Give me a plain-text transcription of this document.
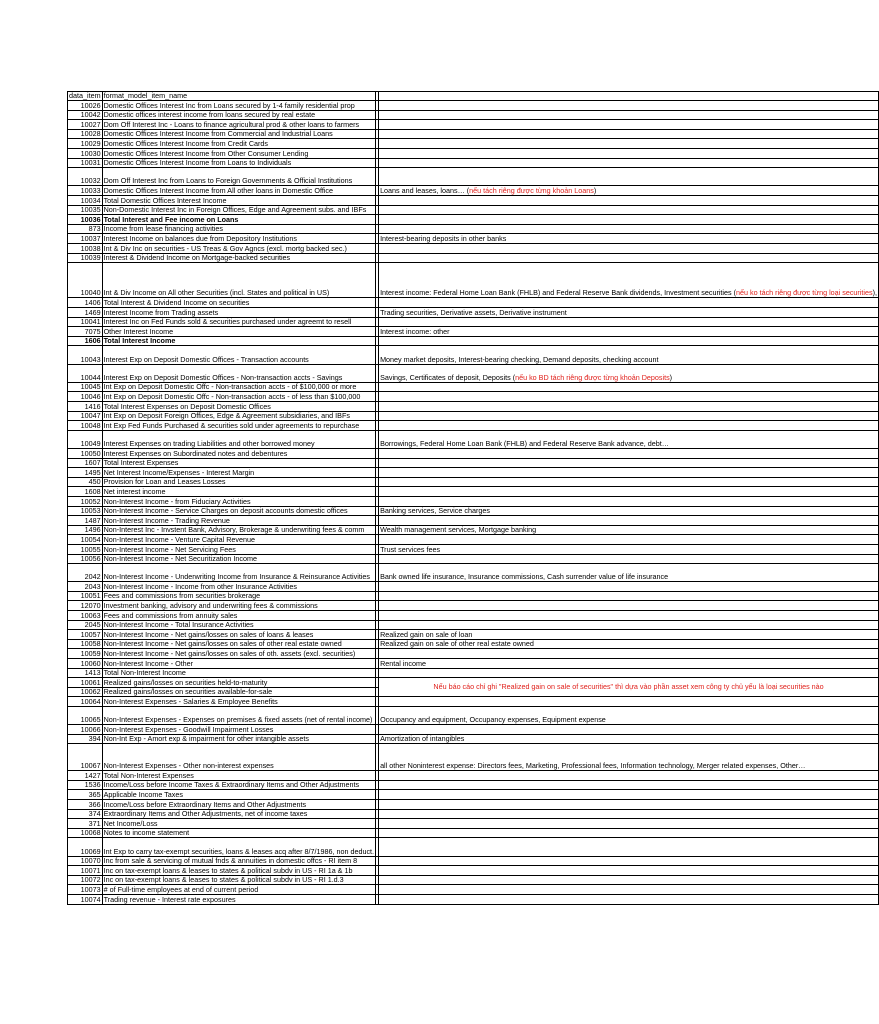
data_item	format_model_item_name		
10026	Domestic Offices Interest Inc from Loans secured by 1-4 family residential prop		
10042	Domestic offices interest income from loans secured by real estate		
10027	Dom Off Interest Inc - Loans to finance agricultural prod & other loans to farmers		
10028	Domestic Offices Interest Income from Commercial and Industrial Loans		
10029	Domestic Offices Interest Income from Credit Cards		
10030	Domestic Offices Interest Income from Other Consumer Lending		
10031	Domestic Offices Interest Income from Loans to Individuals		
10032	Dom Off Interest Inc from Loans to Foreign Governments & Official Institutions		
10033	Domestic Offices Interest Income from All other loans in Domestic Office		Loans and leases, loans… (nếu tách riêng được từng khoản Loans)
10034	Total Domestic Offices Interest Income		
10035	Non-Domestic Interest Inc in Foreign Offices, Edge and Agreement subs. and IBFs		
10036	Total Interest and Fee income on Loans		
873	Income from lease financing activities		
10037	Interest Income on balances due from Depository Institutions		Interest-bearing deposits in other banks
10038	Int & Div Inc on securities - US Treas & Gov Agncs (excl. mortg backed sec.)		
10039	Interest & Dividend Income on Mortgage-backed securities		
10040	Int & Div Income on All other Securities (incl. States and political in US)		Interest income: Federal Home Loan Bank (FHLB) and Federal Reserve Bank dividends, Investment securities (nếu ko tách riêng được từng loại securities),
1406	Total Interest & Dividend Income on securities		
1469	Interest Income from Trading assets		Trading securities, Derivative assets, Derivative instrument
10041	Interest Inc on Fed Funds sold & securities purchased under agreemt to resell		
7075	Other Interest Income		Interest income: other
1606	Total Interest Income		
10043	Interest Exp on Deposit Domestic Offices - Transaction accounts		Money market deposits, Interest-bearing checking, Demand deposits, checking account
10044	Interest Exp on Deposit Domestic Offices - Non-transaction accts - Savings		Savings, Certificates of deposit, Deposits (nếu ko BD tách riêng được từng khoản Deposits)
10045	Int Exp on Deposit Domestic Offc - Non-transaction accts - of $100,000 or more		
10046	Int Exp on Deposit Domestic Offc - Non-transaction accts - of less than $100,000		
1416	Total Interest Expenses on Deposit Domestic Offices		
10047	Int Exp on Deposit Foreign Offices, Edge & Agreement subsidiaries, and IBFs		
10048	Int Exp Fed Funds Purchased & securities sold under agreements to repurchase		
10049	Interest Expenses on trading Liabilities and other borrowed money		Borrowings, Federal Home Loan Bank (FHLB) and Federal Reserve Bank advance, debt…
10050	Interest Expenses on Subordinated notes and debentures		
1607	Total Interest Expenses		
1495	Net Interest Income/Expenses - Interest Margin		
450	Provision for Loan and Leases Losses		
1608	Net interest income		
10052	Non-Interest Income - from Fiduciary Activities		
10053	Non-Interest Income - Service Charges on deposit accounts domestic offices		Banking services, Service charges
1487	Non-Interest Income - Trading Revenue		
1496	Non-Interest Inc - Invstent Bank, Advisory, Brokerage & underwriting fees & comm		Wealth management services, Mortgage banking
10054	Non-Interest Income - Venture Capital Revenue		
10055	Non-Interest Income - Net Servicing Fees		Trust services fees
10056	Non-Interest Income - Net Securitization Income		
2042	Non-Interest Income - Underwriting Income from Insurance & Reinsurance Activities		Bank owned life insurance, Insurance commissions, Cash surrender value of life insurance
2043	Non-Interest Income - Income from other Insurance Activities		
10051	Fees and commissions from securities brokerage		
12070	Investment banking, advisory and underwriting fees & commissions		
10063	Fees and commissions from annuity sales		
2045	Non-Interest Income - Total Insurance Activities		
10057	Non-Interest Income - Net gains/losses on sales of loans & leases		Realized gain on sale of loan
10058	Non-Interest Income - Net gains/losses on sales of other real estate owned		Realized gain on sale of other real estate owned
10059	Non-Interest Income - Net gains/losses on sales of oth. assets (excl. securities)		
10060	Non-Interest Income - Other		Rental income
1413	Total Non-Interest Income		
10061	Realized gains/losses on securities held-to-maturity		Nếu báo cáo chỉ ghi "Realized gain on sale of securities" thì dựa vào phần asset xem công ty chủ yếu là loại securities nào
10062	Realized gains/losses on securities available-for-sale		
10064	Non-Interest Expenses - Salaries & Employee Benefits		
10065	Non-Interest Expenses - Expenses on premises & fixed assets (net of rental income)		Occupancy and equipment, Occupancy expenses, Equipment expense
10066	Non-Interest Expenses - Goodwill Impairment Losses		
394	Non-Int Exp - Amort exp & impairment for other intangible assets		Amortization of intangibles
10067	Non-Interest Expenses - Other non-interest expenses		all other Noninterest expense: Directors fees, Marketing, Professional fees, Information technology, Merger related expenses, Other…
1427	Total Non-Interest Expenses		
1536	Income/Loss before Income Taxes & Extraordinary Items and Other Adjustments		
365	Applicable Income Taxes		
366	Income/Loss before Extraordinary Items and Other Adjustments		
374	Extraordinary Items and Other Adjustments, net of income taxes		
371	Net Income/Loss		
10068	Notes to income statement		
10069	Int Exp to carry tax-exempt securities, loans & leases acq after 8/7/1986, non deduct.		
10070	Inc from sale & servicing of mutual fnds & annuities in domestic offcs - RI item 8		
10071	Inc on tax-exempt loans & leases to states & political subdv in US - RI 1a & 1b		
10072	Inc on tax-exempt loans & leases to states & political subdv in US - RI 1.d.3		
10073	# of Full-time employees at end of current period		
10074	Trading revenue - Interest rate exposures		
